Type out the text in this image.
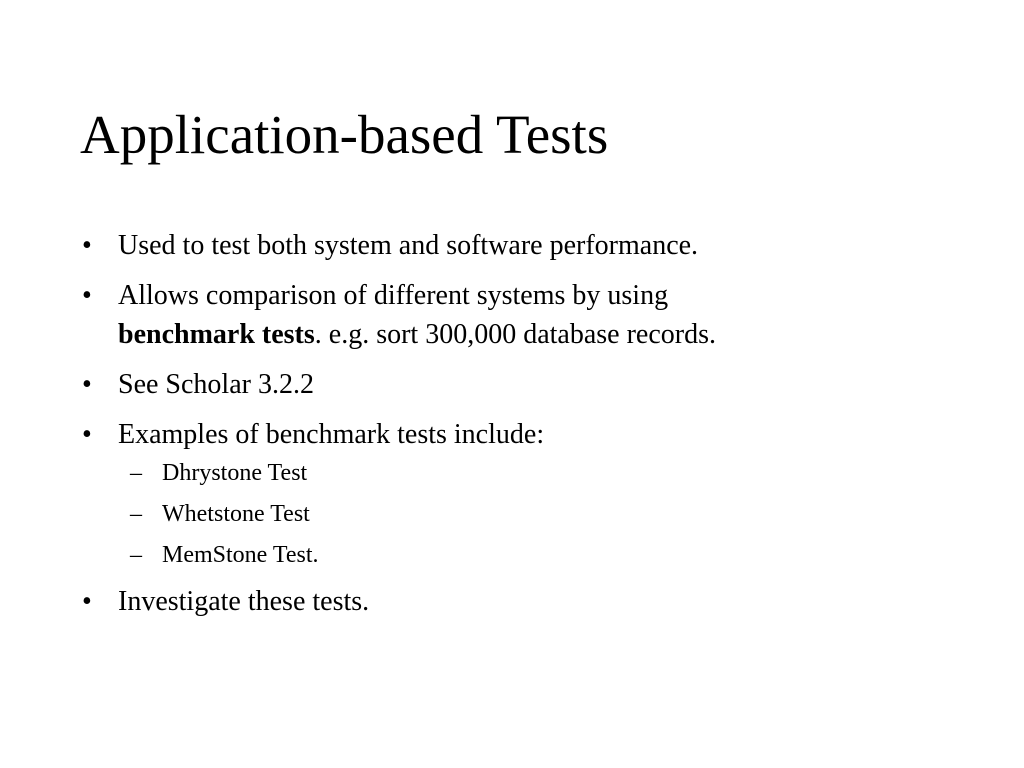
Application-based Tests
• Used to test both system and software performance.
• Allows comparison of different systems by using
benchmark tests. e.g. sort 300,000 database records.
• See Scholar 3.2.2
• Examples of benchmark tests include:
– Dhrystone Test
– Whetstone Test
– MemStone Test.
• Investigate these tests.
